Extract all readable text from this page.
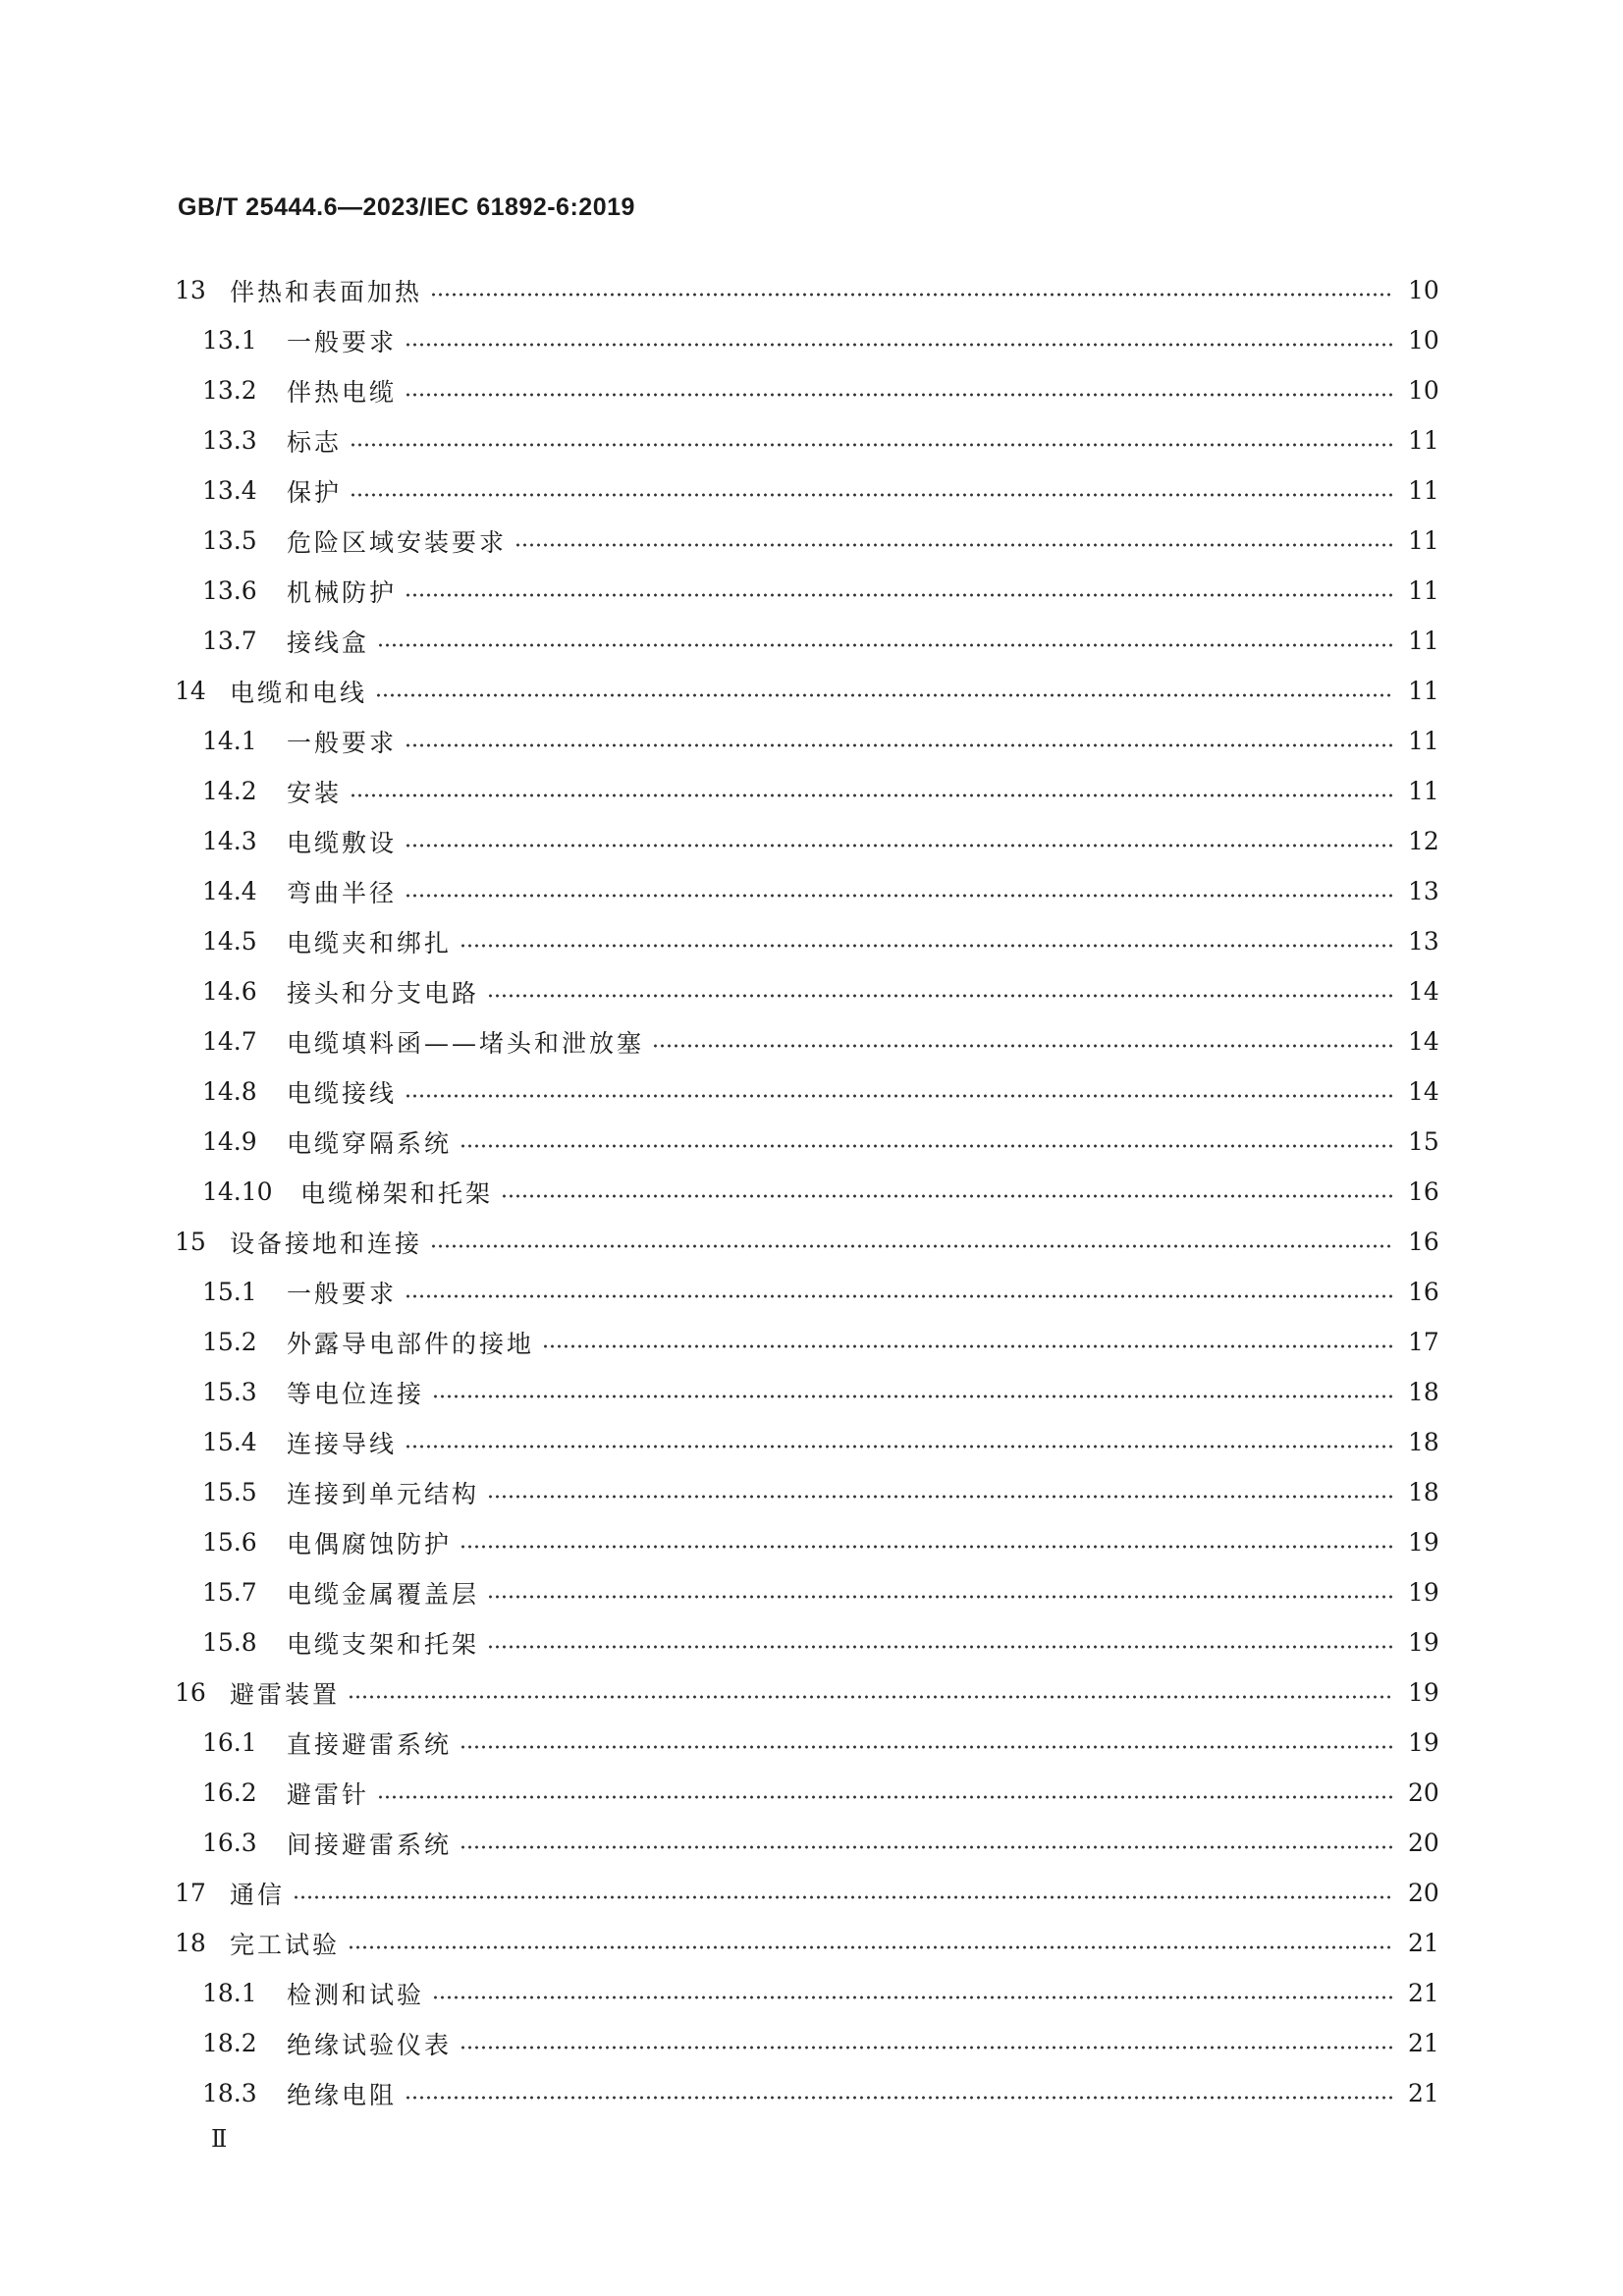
GB/T 25444.6—2023/IEC 61892-6:2019
13 伴热和表面加热	10
13.1	一般要求	10
13.2	伴热电缆	10
13.3	标志	11
13.4	保护	11
13.5	危险区域安装要求	11
13.6	机械防护	11
13.7	接线盒	11
14 电缆和电线	11
14.1	一般要求	11
14.2	安装	11
14.3	电缆敷设	12
14.4	弯曲半径	13
14.5	电缆夹和绑扎	13
14.6	接头和分支电路	14
14.7	电缆填料函——堵头和泄放塞	14
14.8	电缆接线	14
14.9	电缆穿隔系统	15
14.10	电缆梯架和托架	16
15 设备接地和连接	16
15.1	一般要求	16
15.2	外露导电部件的接地	17
15.3	等电位连接	18
15.4	连接导线	18
15.5	连接到单元结构	18
15.6	电偶腐蚀防护	19
15.7	电缆金属覆盖层	19
15.8	电缆支架和托架	19
16 避雷装置	19
16.1	直接避雷系统	19
16.2	避雷针	20
16.3	间接避雷系统	20
17 通信	20
18 完工试验	21
18.1	检测和试验	21
18.2	绝缘试验仪表	21
18.3	绝缘电阻	21
Ⅱ
